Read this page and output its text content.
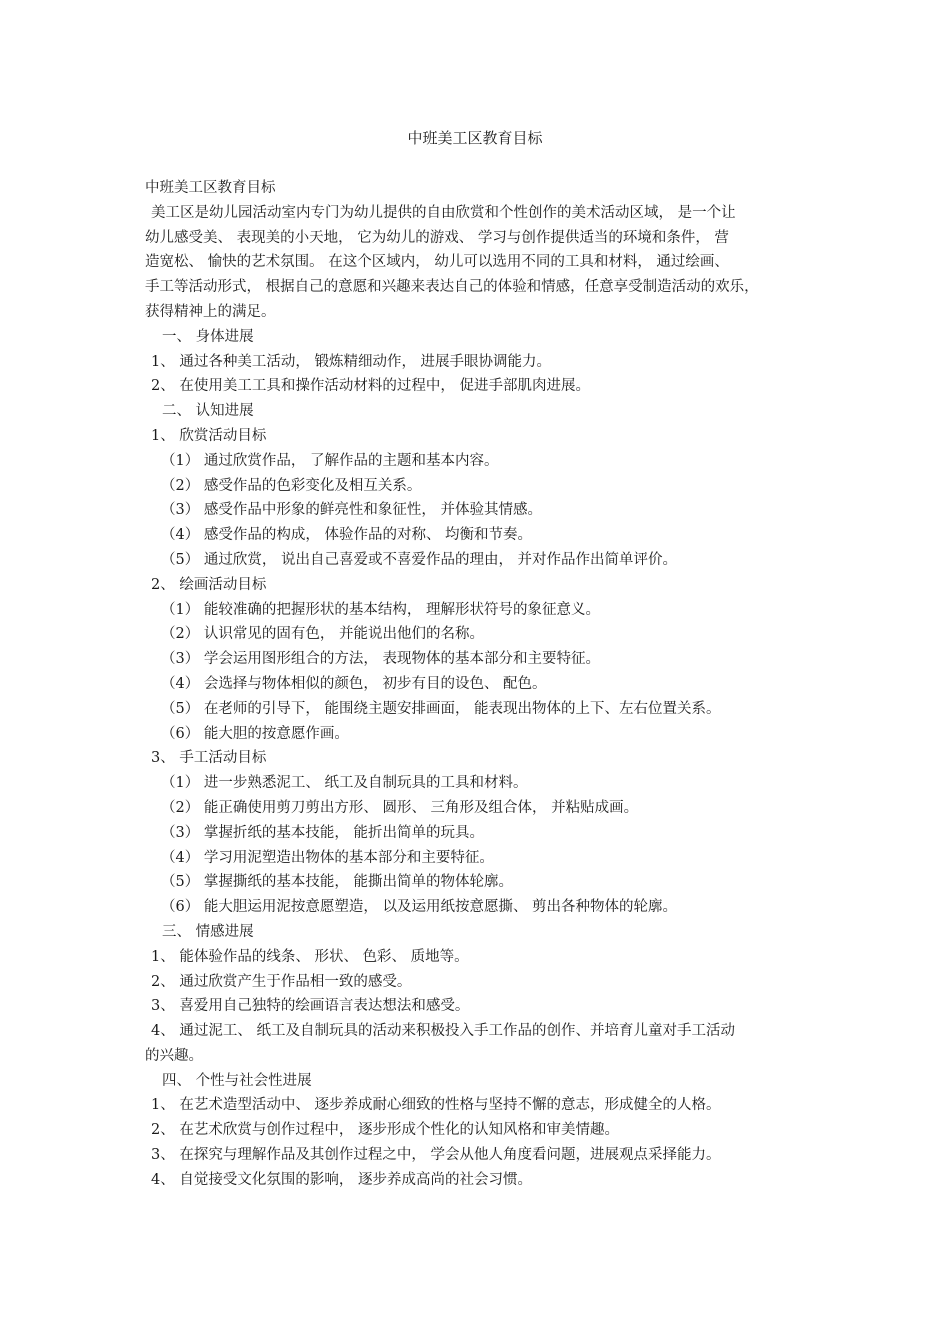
中班美工区教育目标
中班美工区教育目标
美工区是幼儿园活动室内专门为幼儿提供的自由欣赏和个性创作的美术活动区域， 是一个让
幼儿感受美、 表现美的小天地， 它为幼儿的游戏、 学习与创作提供适当的环境和条件， 营
造宽松、 愉快的艺术氛围。 在这个区域内， 幼儿可以选用不同的工具和材料， 通过绘画、
手工等活动形式， 根据自己的意愿和兴趣来表达自己的体验和情感，任意享受制造活动的欢乐，
获得精神上的满足。
一、 身体进展
1、 通过各种美工活动， 锻炼精细动作， 进展手眼协调能力。
2、 在使用美工工具和操作活动材料的过程中， 促进手部肌肉进展。
二、 认知进展
1、 欣赏活动目标
（1） 通过欣赏作品， 了解作品的主题和基本内容。
（2） 感受作品的色彩变化及相互关系。
（3） 感受作品中形象的鲜亮性和象征性， 并体验其情感。
（4） 感受作品的构成， 体验作品的对称、 均衡和节奏。
（5） 通过欣赏， 说出自己喜爱或不喜爱作品的理由， 并对作品作出简单评价。
2、 绘画活动目标
（1） 能较准确的把握形状的基本结构， 理解形状符号的象征意义。
（2） 认识常见的固有色， 并能说出他们的名称。
（3） 学会运用图形组合的方法， 表现物体的基本部分和主要特征。
（4） 会选择与物体相似的颜色， 初步有目的设色、 配色。
（5） 在老师的引导下， 能围绕主题安排画面， 能表现出物体的上下、左右位置关系。
（6） 能大胆的按意愿作画。
3、 手工活动目标
（1） 进一步熟悉泥工、 纸工及自制玩具的工具和材料。
（2） 能正确使用剪刀剪出方形、 圆形、 三角形及组合体， 并粘贴成画。
（3） 掌握折纸的基本技能， 能折出简单的玩具。
（4） 学习用泥塑造出物体的基本部分和主要特征。
（5） 掌握撕纸的基本技能， 能撕出简单的物体轮廓。
（6） 能大胆运用泥按意愿塑造， 以及运用纸按意愿撕、 剪出各种物体的轮廓。
三、 情感进展
1、 能体验作品的线条、 形状、 色彩、 质地等。
2、 通过欣赏产生于作品相一致的感受。
3、 喜爱用自己独特的绘画语言表达想法和感受。
4、 通过泥工、 纸工及自制玩具的活动来积极投入手工作品的创作、并培育儿童对手工活动
的兴趣。
四、 个性与社会性进展
1、 在艺术造型活动中、 逐步养成耐心细致的性格与坚持不懈的意志，形成健全的人格。
2、 在艺术欣赏与创作过程中， 逐步形成个性化的认知风格和审美情趣。
3、 在探究与理解作品及其创作过程之中， 学会从他人角度看问题，进展观点采择能力。
4、 自觉接受文化氛围的影响， 逐步养成高尚的社会习惯。
